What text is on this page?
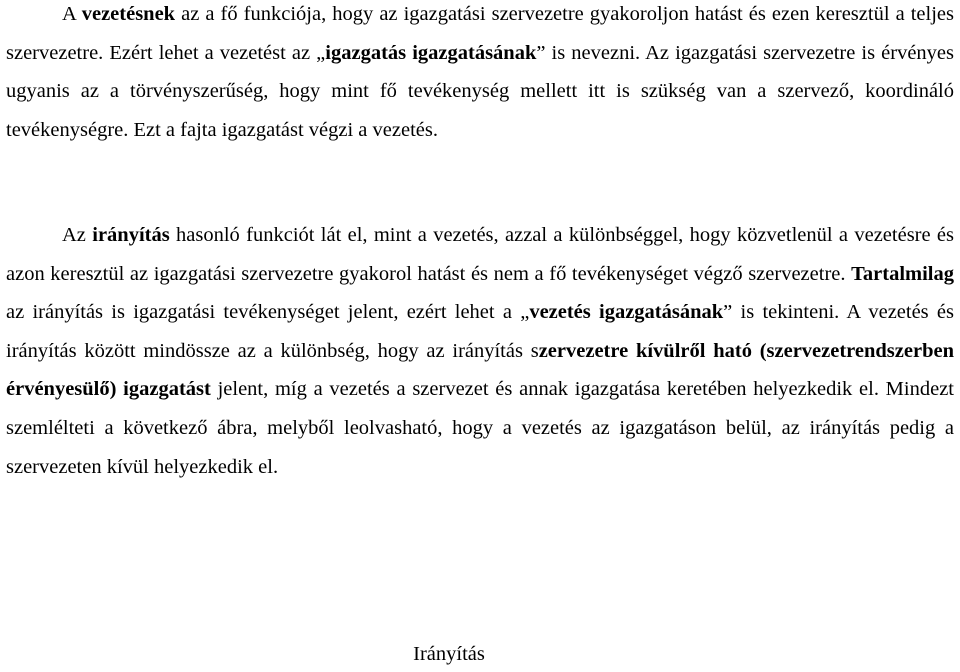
A vezetésnek az a fő funkciója, hogy az igazgatási szervezetre gyakoroljon hatást és ezen keresztül a teljes szervezetre. Ezért lehet a vezetést az „igazgatás igazgatásának” is nevezni. Az igazgatási szervezetre is érvényes ugyanis az a törvényszerűség, hogy mint fő tevékenység mellett itt is szükség van a szervező, koordináló tevékenységre. Ezt a fajta igazgatást végzi a vezetés.

Az irányítás hasonló funkciót lát el, mint a vezetés, azzal a különbséggel, hogy közvetlenül a vezetésre és azon keresztül az igazgatási szervezetre gyakorol hatást és nem a fő tevékenységet végző szervezetre. Tartalmilag az irányítás is igazgatási tevékenységet jelent, ezért lehet a „vezetés igazgatásának” is tekinteni. A vezetés és irányítás között mindössze az a különbség, hogy az irányítás szervezetre kívülről ható (szervezetrendszerben érvényesülő) igazgatást jelent, míg a vezetés a szervezet és annak igazgatása keretében helyezkedik el. Mindezt szemlélteti a következő ábra, melyből leolvasható, hogy a vezetés az igazgatáson belül, az irányítás pedig a szervezeten kívül helyezkedik el.

Irányítás
